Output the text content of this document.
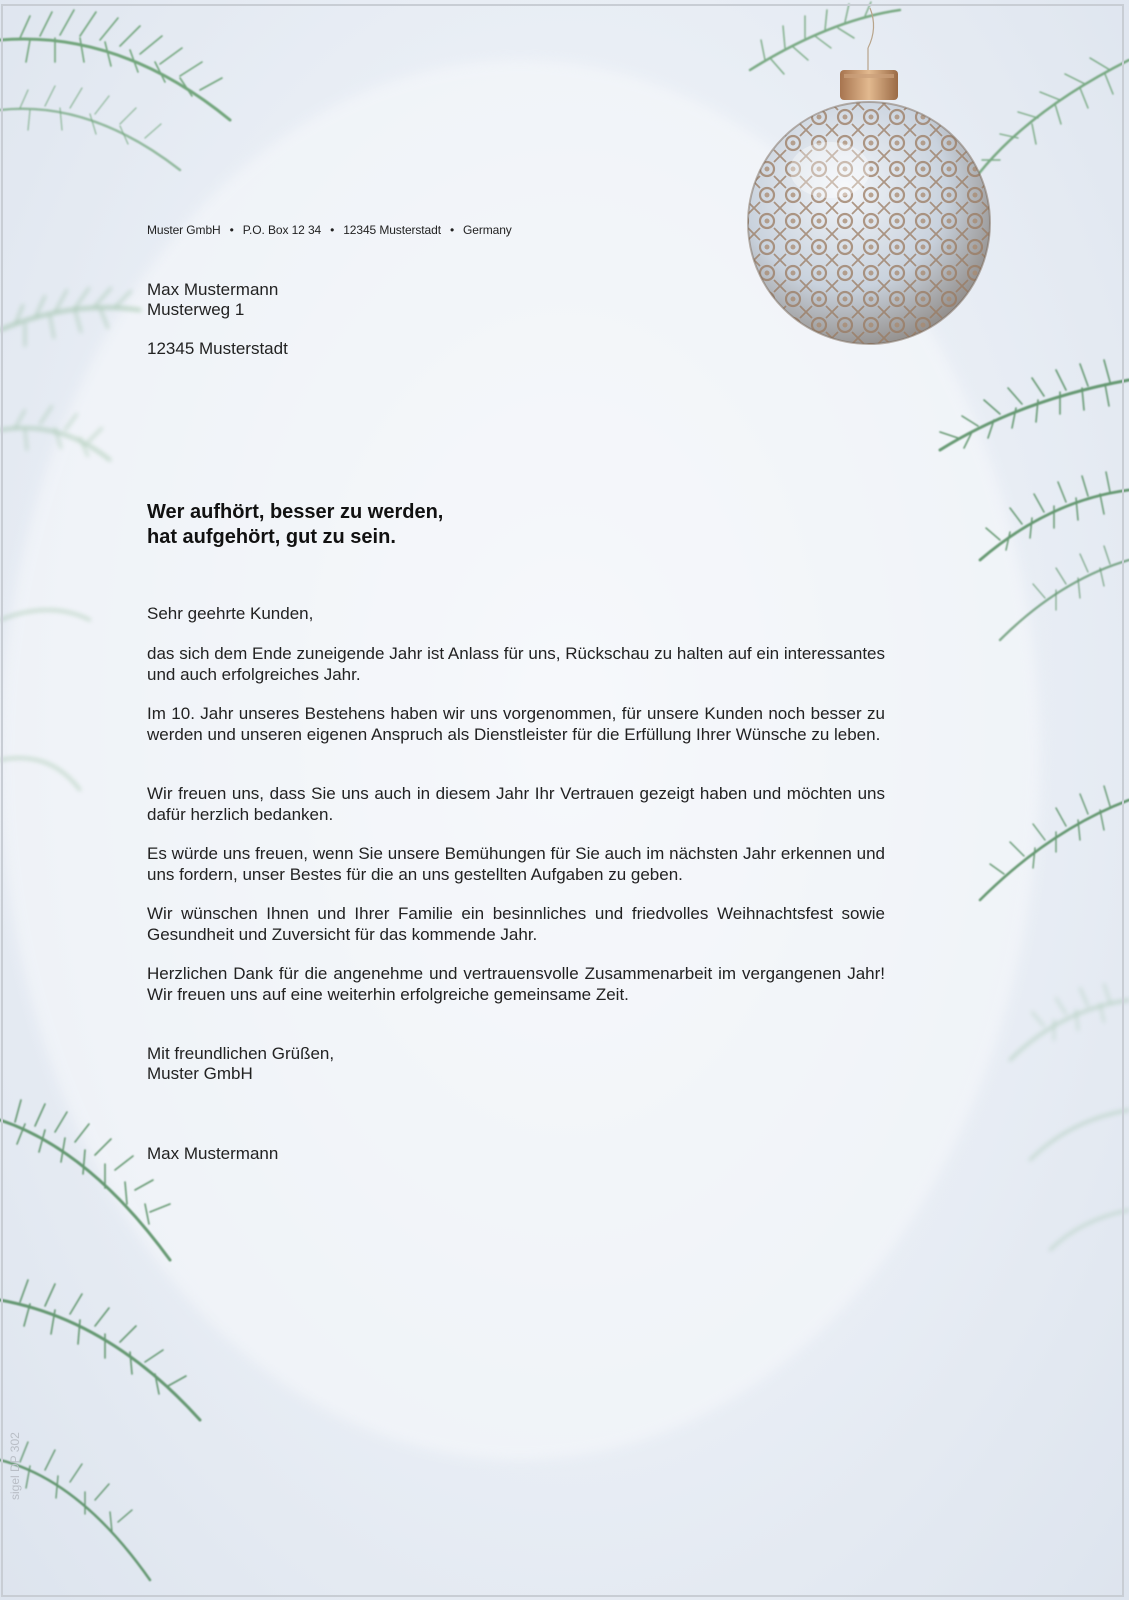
Muster GmbH • P.O. Box 12 34 • 12345 Musterstadt • Germany
Max Mustermann
Musterweg 1
12345 Musterstadt
Wer aufhört, besser zu werden,
hat aufgehört, gut zu sein.
Sehr geehrte Kunden,

das sich dem Ende zuneigende Jahr ist Anlass für uns, Rückschau zu halten auf ein interessantes und auch erfolgreiches Jahr.

Im 10. Jahr unseres Bestehens haben wir uns vorgenommen, für unsere Kunden noch besser zu werden und unseren eigenen Anspruch als Dienstleister für die Erfüllung Ihrer Wünsche zu leben.

Wir freuen uns, dass Sie uns auch in diesem Jahr Ihr Vertrauen gezeigt haben und möchten uns dafür herzlich bedanken.

Es würde uns freuen, wenn Sie unsere Bemühungen für Sie auch im nächsten Jahr erkennen und uns fordern, unser Bestes für die an uns gestellten Aufgaben zu geben.

Wir wünschen Ihnen und Ihrer Familie ein besinnliches und friedvolles Weihnachtsfest sowie Gesundheit und Zuversicht für das kommende Jahr.

Herzlichen Dank für die angenehme und vertrauensvolle Zusammenarbeit im vergangenen Jahr! Wir freuen uns auf eine weiterhin erfolgreiche gemeinsame Zeit.

Mit freundlichen Grüßen,
Muster GmbH
Max Mustermann
sigel DP 302
